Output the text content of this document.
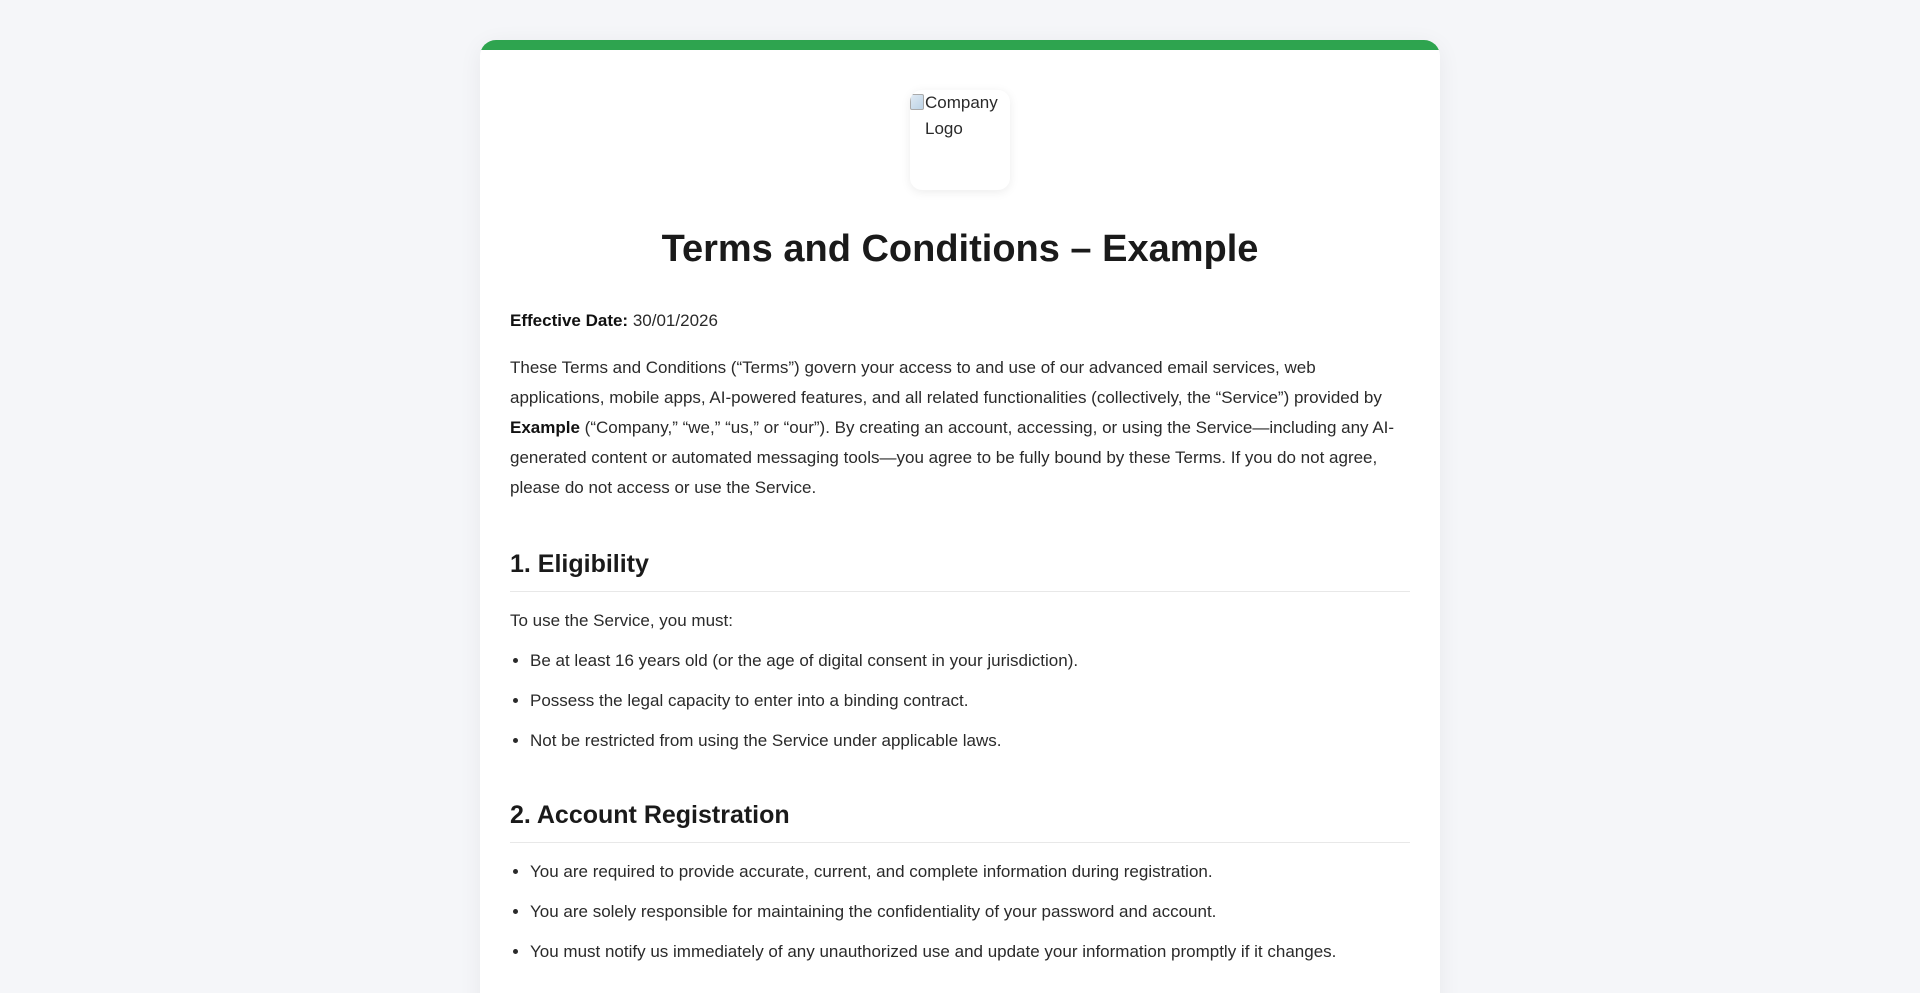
Company Logo
Terms and Conditions – Example

Effective Date: 30/01/2026

These Terms and Conditions (“Terms”) govern your access to and use of our advanced email services, web applications, mobile apps, AI-powered features, and all related functionalities (collectively, the “Service”) provided by Example (“Company,” “we,” “us,” or “our”). By creating an account, accessing, or using the Service—including any AI-generated content or automated messaging tools—you agree to be fully bound by these Terms. If you do not agree, please do not access or use the Service.

1. Eligibility

To use the Service, you must:

• Be at least 16 years old (or the age of digital consent in your jurisdiction).
• Possess the legal capacity to enter into a binding contract.
• Not be restricted from using the Service under applicable laws.
2. Account Registration
• You are required to provide accurate, current, and complete information during registration.
• You are solely responsible for maintaining the confidentiality of your password and account.
• You must notify us immediately of any unauthorized use and update your information promptly if it changes.
